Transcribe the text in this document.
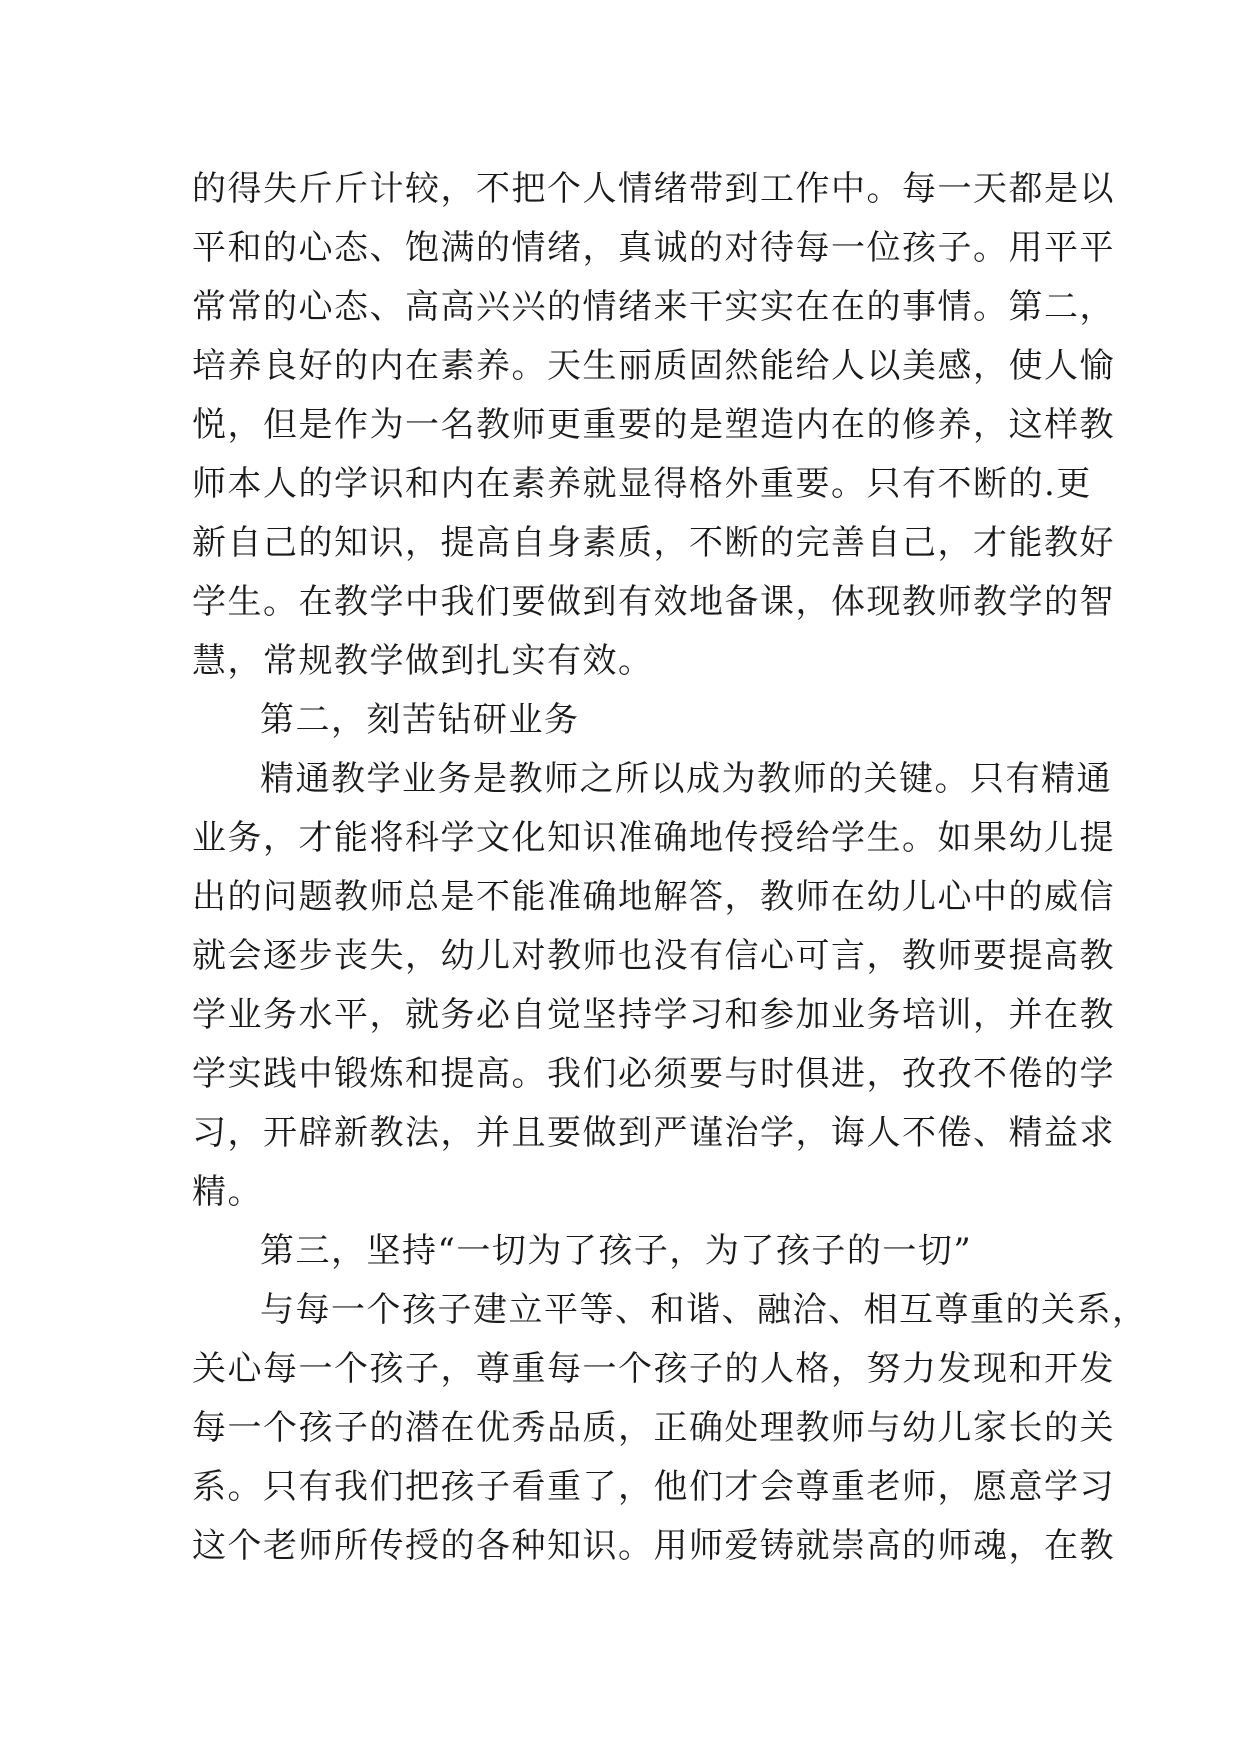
的得失斤斤计较，不把个人情绪带到工作中。每一天都是以
平和的心态、饱满的情绪，真诚的对待每一位孩子。用平平
常常的心态、高高兴兴的情绪来干实实在在的事情。第二，
培养良好的内在素养。天生丽质固然能给人以美感，使人愉
悦，但是作为一名教师更重要的是塑造内在的修养，这样教
师本人的学识和内在素养就显得格外重要。只有不断的.更
新自己的知识，提高自身素质，不断的完善自己，才能教好
学生。在教学中我们要做到有效地备课，体现教师教学的智
慧，常规教学做到扎实有效。
第二，刻苦钻研业务
精通教学业务是教师之所以成为教师的关键。只有精通
业务，才能将科学文化知识准确地传授给学生。如果幼儿提
出的问题教师总是不能准确地解答，教师在幼儿心中的威信
就会逐步丧失，幼儿对教师也没有信心可言，教师要提高教
学业务水平，就务必自觉坚持学习和参加业务培训，并在教
学实践中锻炼和提高。我们必须要与时俱进，孜孜不倦的学
习，开辟新教法，并且要做到严谨治学，诲人不倦、精益求
精。
第三，坚持“一切为了孩子，为了孩子的一切”
与每一个孩子建立平等、和谐、融洽、相互尊重的关系，
关心每一个孩子，尊重每一个孩子的人格，努力发现和开发
每一个孩子的潜在优秀品质，正确处理教师与幼儿家长的关
系。只有我们把孩子看重了，他们才会尊重老师，愿意学习
这个老师所传授的各种知识。用师爱铸就崇高的师魂，在教
